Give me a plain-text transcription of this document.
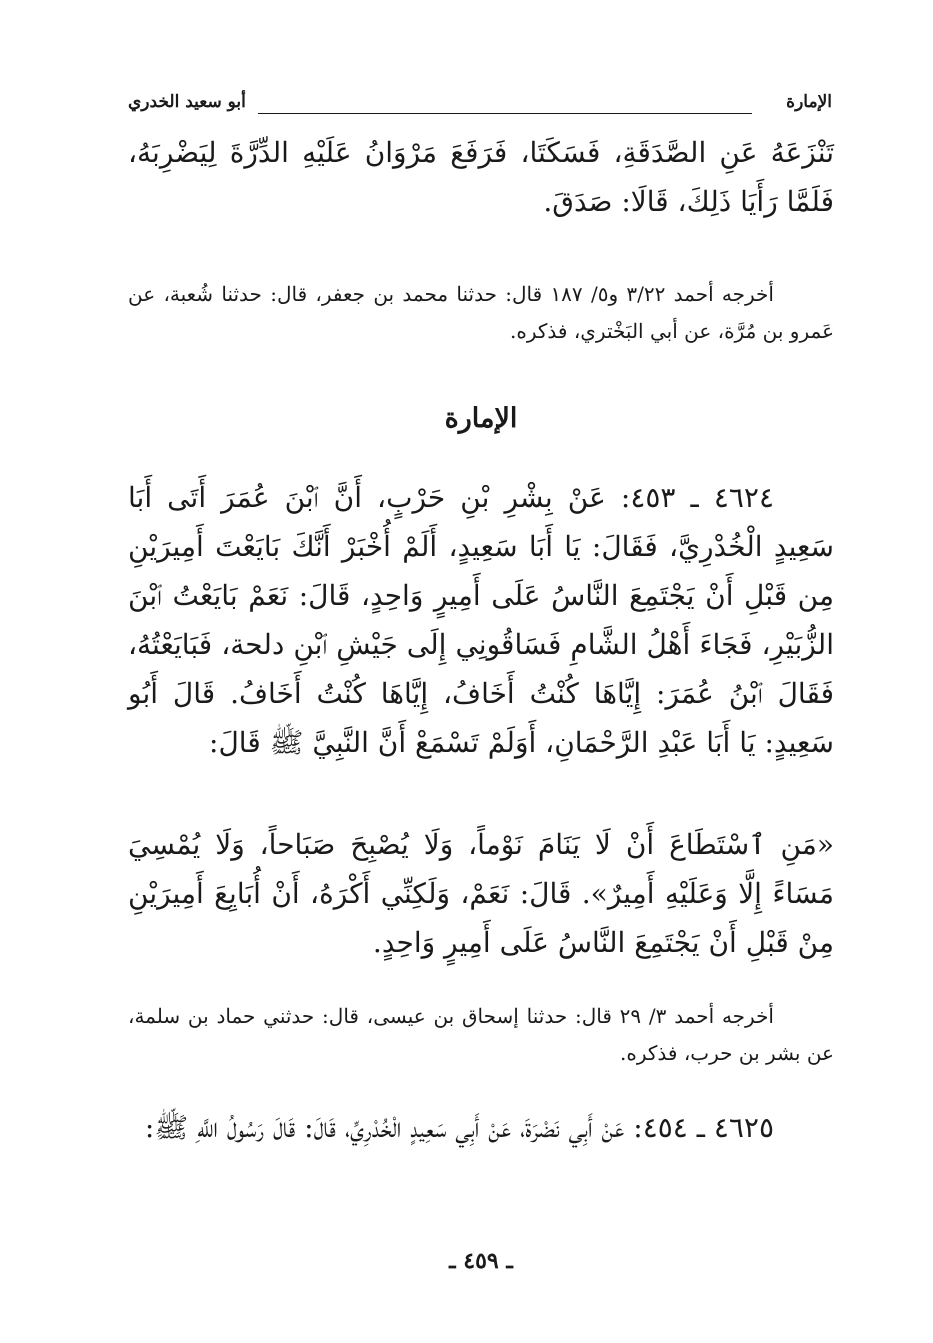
الإمارة
أبو سعيد الخدري

تَنْزَعَهُ عَنِ الصَّدَقَةِ، فَسَكَتَا، فَرَفَعَ مَرْوَانُ عَلَيْهِ الدِّرَّةَ لِيَضْرِبَهُ، فَلَمَّا رَأَيَا ذَلِكَ، قَالَا: صَدَقَ.

أخرجه أحمد ٣/٢٢ و٥/ ١٨٧ قال: حدثنا محمد بن جعفر، قال: حدثنا شُعبة، عن عَمرو بن مُرَّة، عن أبي البَخْتري، فذكره.

الإمارة

٤٦٢٤ ـ ٤٥٣: عَنْ بِشْرِ بْنِ حَرْبٍ، أَنَّ ٱبْنَ عُمَرَ أَتَى أَبَا سَعِيدٍ الْخُدْرِيَّ، فَقَالَ: يَا أَبَا سَعِيدٍ، أَلَمْ أُخْبَرْ أَنَّكَ بَايَعْتَ أَمِيرَيْنِ مِن قَبْلِ أَنْ يَجْتَمِعَ النَّاسُ عَلَى أَمِيرٍ وَاحِدٍ، قَالَ: نَعَمْ بَايَعْتُ ٱبْنَ الزُّبَيْرِ، فَجَاءَ أَهْلُ الشَّامِ فَسَاقُونِي إِلَى جَيْشِ ٱبْنِ دلحة، فَبَايَعْتُهُ، فَقَالَ ٱبْنُ عُمَرَ: إِيَّاهَا كُنْتُ أَخَافُ، إِيَّاهَا كُنْتُ أَخَافُ. قَالَ أَبُو سَعِيدٍ: يَا أَبَا عَبْدِ الرَّحْمَانِ، أَوَلَمْ تَسْمَعْ أَنَّ النَّبِيَّ ﷺ قَالَ:

«مَنِ ٱسْتَطَاعَ أَنْ لَا يَنَامَ نَوْماً، وَلَا يُصْبِحَ صَبَاحاً، وَلَا يُمْسِيَ مَسَاءً إِلَّا وَعَلَيْهِ أَمِيرٌ». قَالَ: نَعَمْ، وَلَكِنِّي أَكْرَهُ، أَنْ أُبَايِعَ أَمِيرَيْنِ مِنْ قَبْلِ أَنْ يَجْتَمِعَ النَّاسُ عَلَى أَمِيرٍ وَاحِدٍ.

أخرجه أحمد ٣/ ٢٩ قال: حدثنا إسحاق بن عيسى، قال: حدثني حماد بن سلمة، عن بشر بن حرب، فذكره.

٤٦٢٥ ـ ٤٥٤: عَنْ أَبِي نَضْرَةَ، عَنْ أَبِي سَعِيدٍ الْخُدْرِيِّ، قَالَ: قَالَ رَسُولُ اللَّهِ ﷺ:

ـ ٤٥٩ ـ
